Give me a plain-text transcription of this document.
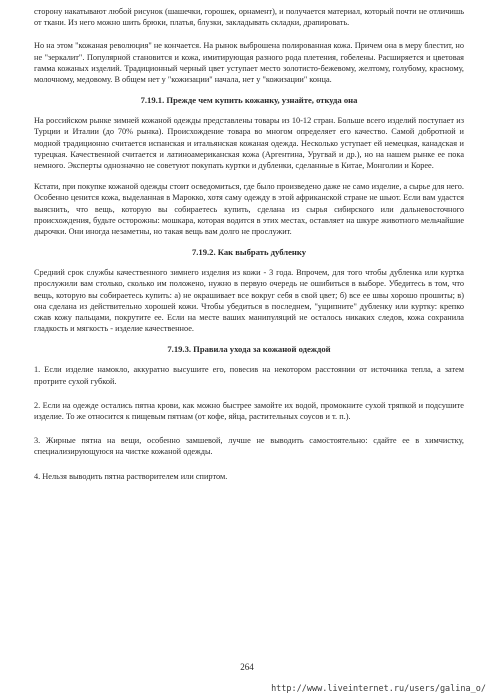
сторону накатывают любой рисунок (шашечки, горошек, орнамент), и получается материал, который почти не отличишь от ткани. Из него можно шить брюки, платья, блузки, закладывать складки, драпировать.

Но на этом "кожаная революция" не кончается. На рынок выброшена полированная кожа. Причем она в меру блестит, но не "зеркалит". Популярной становится и кожа, имитирующая разного рода плетения, гобелены. Расширяется и цветовая гамма кожаных изделий. Традиционный черный цвет уступает место золотисто-бежевому, желтому, голубому, красному, молочному, медовому. В общем нет у "кожизации" начала, нет у "кожизации" конца.

7.19.1. Прежде чем купить кожанку, узнайте, откуда она

На российском рынке зимней кожаной одежды представлены товары из 10-12 стран. Больше всего изделий поступает из Турции и Италии (до 70% рынка). Происхождение товара во многом определяет его качество. Самой добротной и модной традиционно считается испанская и итальянская кожаная одежда. Несколько уступает ей немецкая, канадская и турецкая. Качественной считается и латиноамериканская кожа (Аргентина, Уругвай и др.), но на нашем рынке ее пока немного. Эксперты однозначно не советуют покупать куртки и дубленки, сделанные в Китае, Монголии и Корее.

Кстати, при покупке кожаной одежды стоит осведомиться, где было произведено даже не само изделие, а сырье для него. Особенно ценится кожа, выделанная в Марокко, хотя саму одежду в этой африканской стране не шьют. Если вам удастся выяснить, что вещь, которую вы собираетесь купить, сделана из сырья сибирского или дальневосточного происхождения, будьте осторожны: мошкара, которая водится в этих местах, оставляет на шкуре животного мельчайшие дырочки. Они иногда незаметны, но такая вещь вам долго не прослужит.

7.19.2. Как выбрать дубленку

Средний срок службы качественного зимнего изделия из кожи - 3 года. Впрочем, для того чтобы дубленка или куртка прослужили вам столько, сколько им положено, нужно в первую очередь не ошибиться в выборе. Убедитесь в том, что вещь, которую вы собираетесь купить: а) не окрашивает все вокруг себя в свой цвет; б) все ее швы хорошо прошиты; в) она сделана из действительно хорошей кожи. Чтобы убедиться в последнем, "ущипните" дубленку или куртку: крепко сжав кожу пальцами, покрутите ее. Если на месте ваших манипуляций не осталось никаких следов, кожа сохранила гладкость и мягкость - изделие качественное.

7.19.3. Правила ухода за кожаной одеждой

1. Если изделие намокло, аккуратно высушите его, повесив на некотором расстоянии от источника тепла, а затем протрите сухой губкой.

2. Если на одежде остались пятна крови, как можно быстрее замойте их водой, промокните сухой тряпкой и подсушите изделие. То же относится к пищевым пятнам (от кофе, яйца, растительных соусов и т. п.).

3. Жирные пятна на вещи, особенно замшевой, лучше не выводить самостоятельно: сдайте ее в химчистку, специализирующуюся на чистке кожаной одежды.

4. Нельзя выводить пятна растворителем или спиртом.

264
http://www.liveinternet.ru/users/galina_o/
